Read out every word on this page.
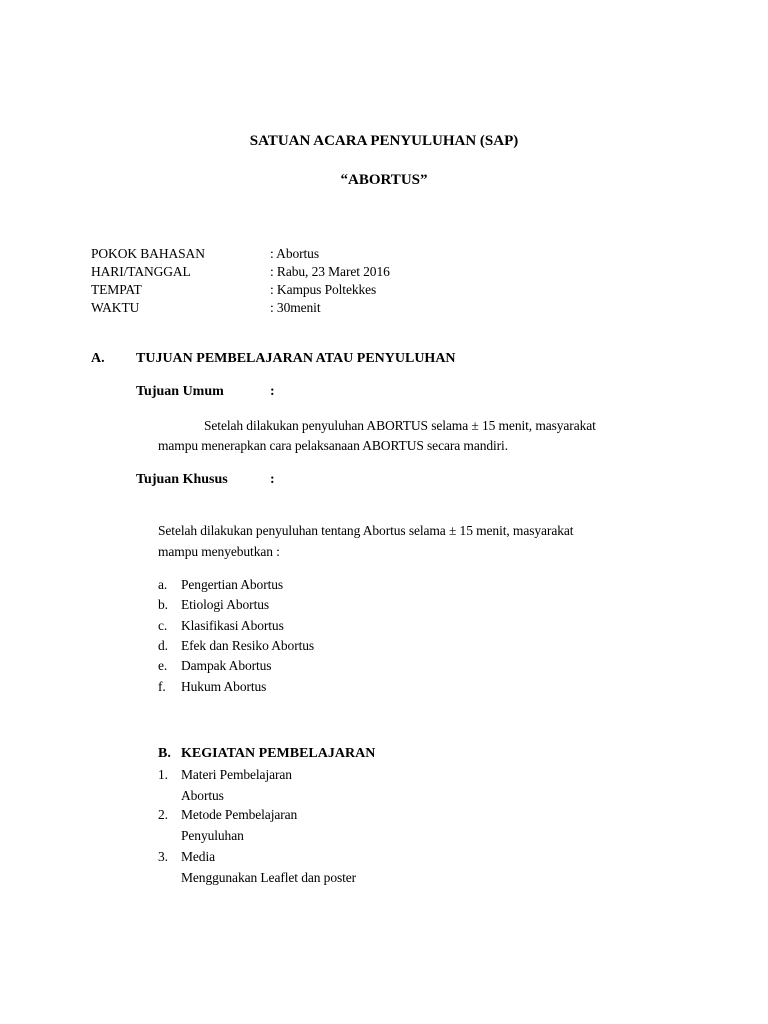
SATUAN ACARA PENYULUHAN (SAP)
“ABORTUS”
POKOK BAHASAN	: Abortus
HARI/TANGGAL	: Rabu, 23 Maret 2016
TEMPAT	: Kampus Poltekkes
WAKTU	: 30menit
A. TUJUAN PEMBELAJARAN ATAU PENYULUHAN
Tujuan Umum	:
Setelah dilakukan penyuluhan ABORTUS selama ± 15 menit, masyarakat
mampu menerapkan cara pelaksanaan ABORTUS secara mandiri.
Tujuan Khusus	:
Setelah dilakukan penyuluhan tentang Abortus selama ± 15 menit, masyarakat
mampu menyebutkan :
a. Pengertian Abortus
b. Etiologi Abortus
c. Klasifikasi Abortus
d. Efek dan Resiko Abortus
e. Dampak Abortus
f. Hukum Abortus
B. KEGIATAN PEMBELAJARAN
1. Materi Pembelajaran
Abortus
2. Metode Pembelajaran
Penyuluhan
3. Media
Menggunakan Leaflet dan poster
